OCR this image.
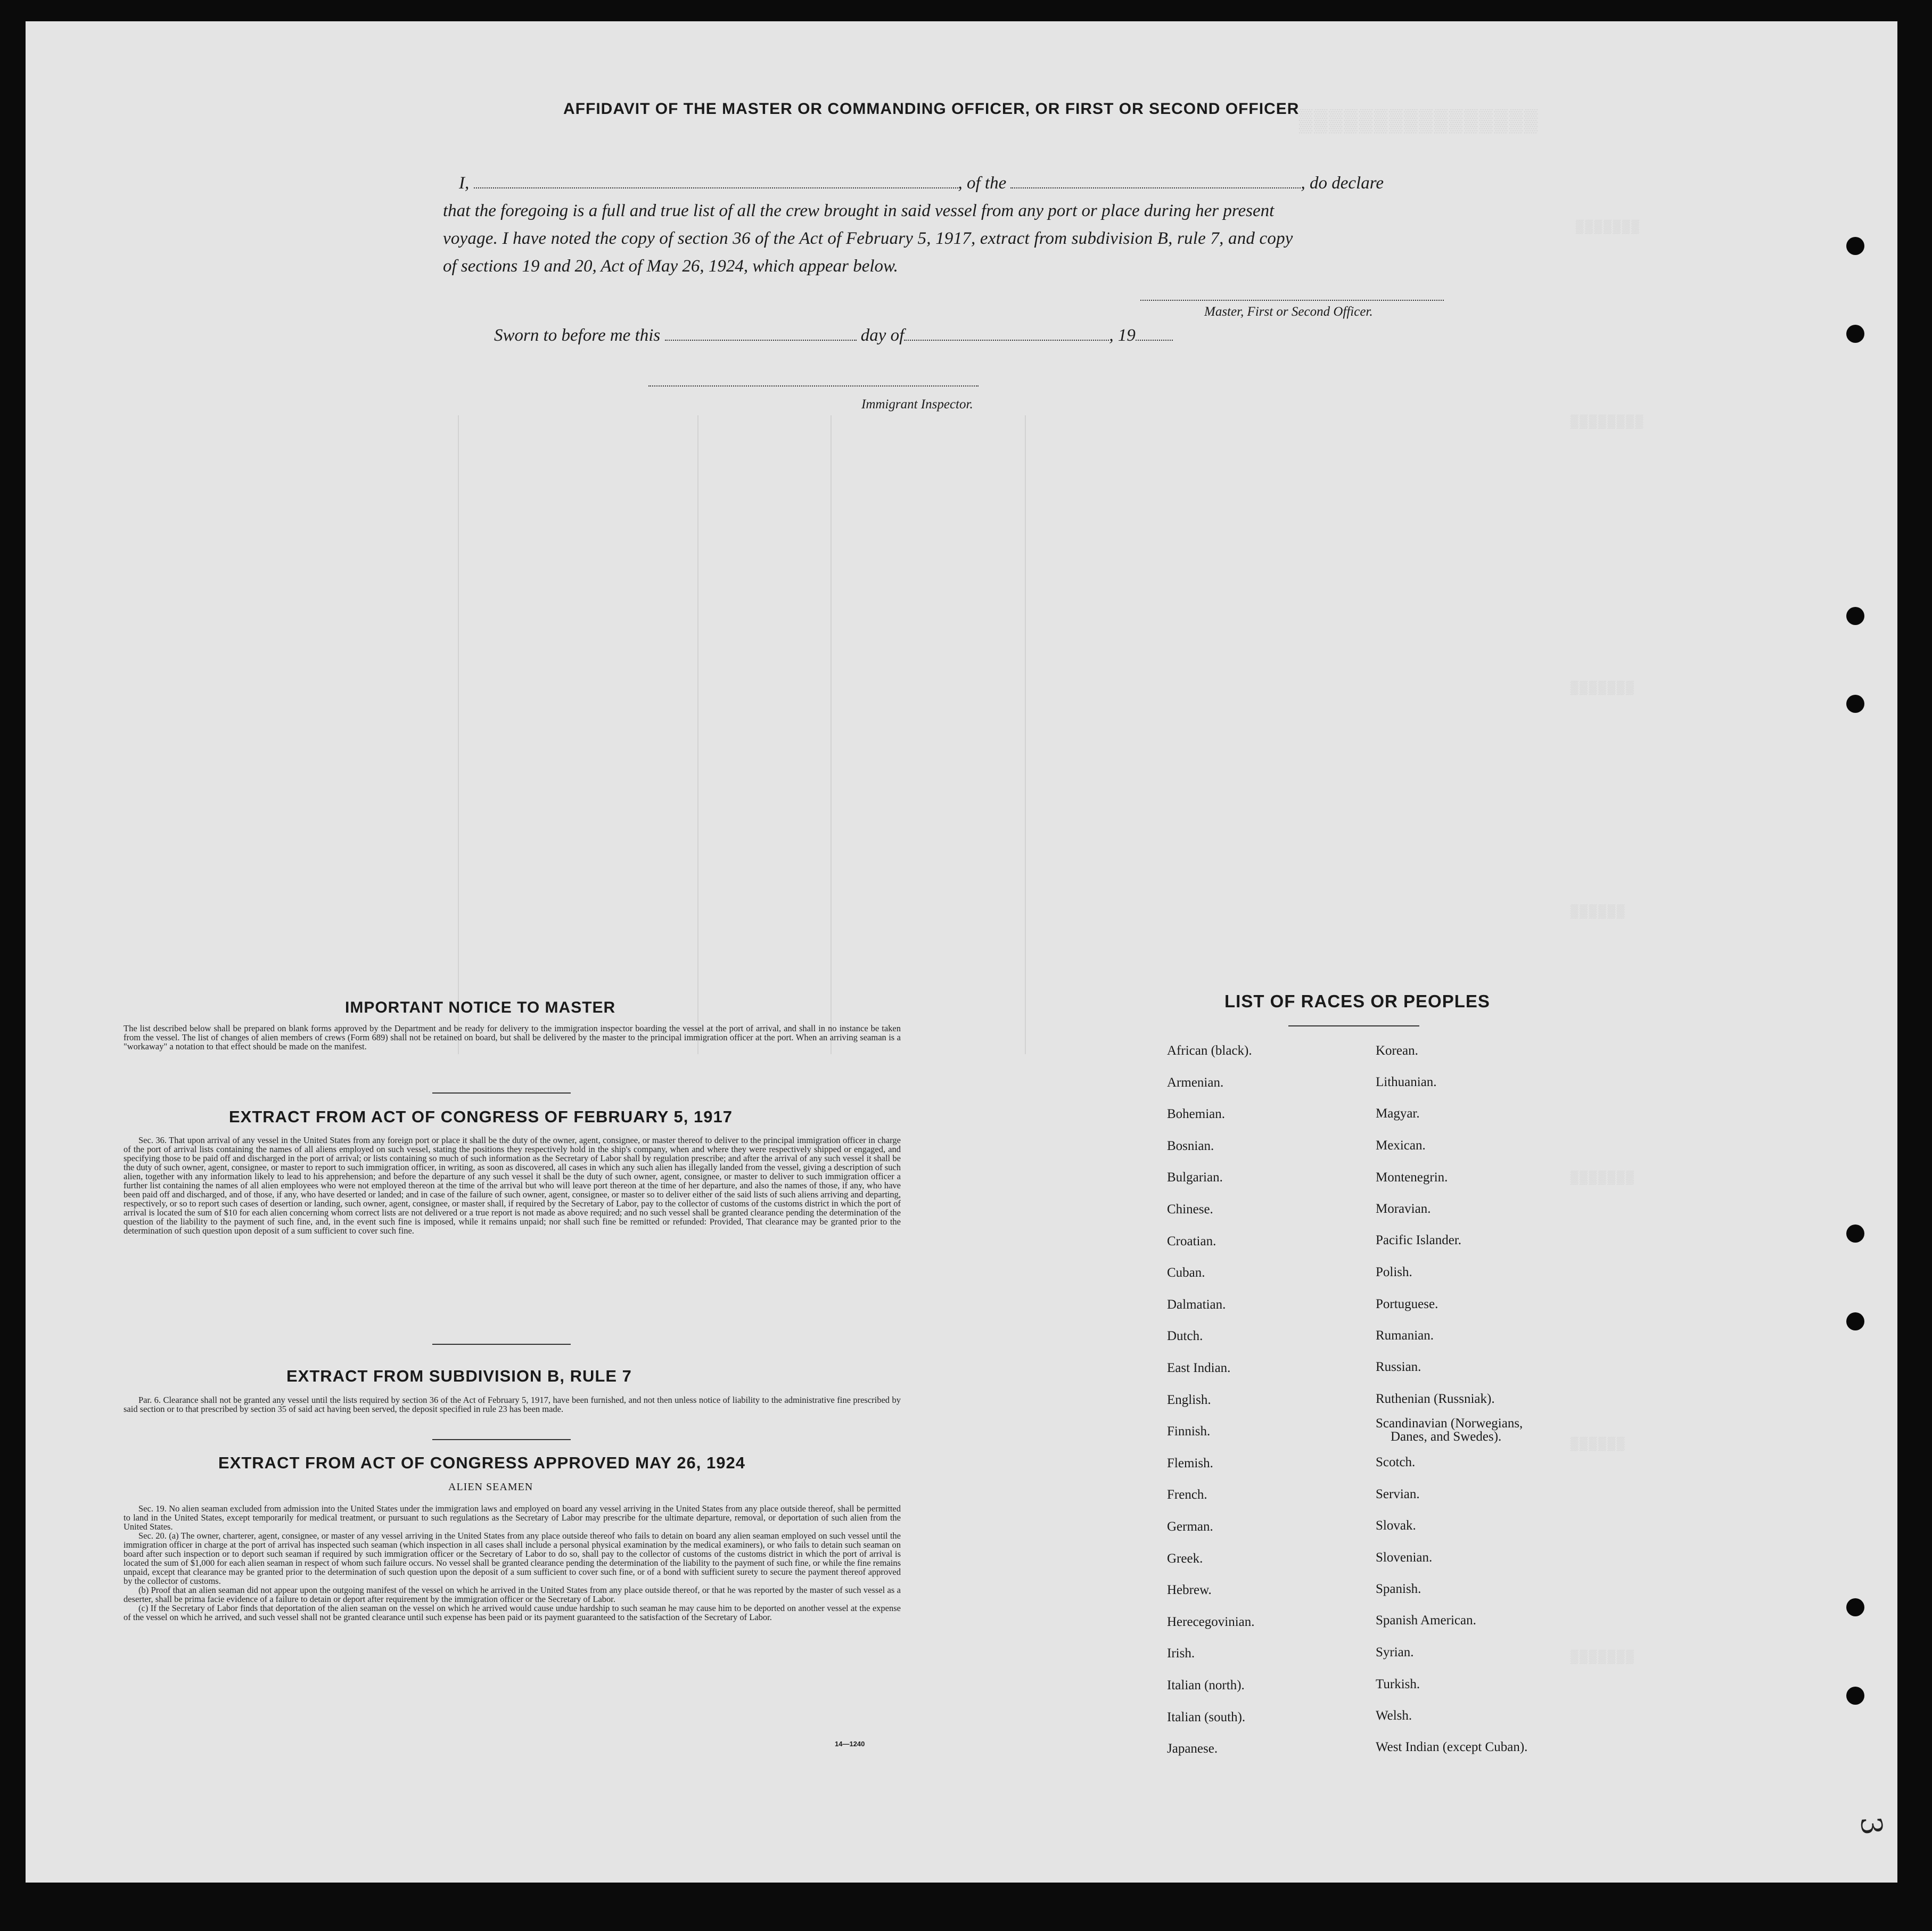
▒▒▒▒▒▒▒▒▒▒▒▒▒▒▒▒
▒▒▒▒▒▒▒
▒▒▒▒▒▒▒▒
▒▒▒▒▒▒▒
▒▒▒▒▒▒
▒▒▒▒▒▒▒
▒▒▒▒▒▒
▒▒▒▒▒▒▒
AFFIDAVIT OF THE MASTER OR COMMANDING OFFICER, OR FIRST OR SECOND OFFICER
I,	, of the	, do declare
that the foregoing is a full and true list of all the crew brought in said vessel from any port or place during her present
voyage. I have noted the copy of section 36 of the Act of February 5, 1917, extract from subdivision B, rule 7, and copy
of sections 19 and 20, Act of May 26, 1924, which appear below.
Master, First or Second Officer.
Sworn to before me this	day of	, 19
Immigrant Inspector.
IMPORTANT NOTICE TO MASTER
The list described below shall be prepared on blank forms approved by the Department and be ready for delivery to the immigration inspector boarding the vessel at the port of arrival, and shall in no instance be taken from the vessel. The list of changes of alien members of crews (Form 689) shall not be retained on board, but shall be delivered by the master to the principal immigration officer at the port. When an arriving seaman is a "workaway" a notation to that effect should be made on the manifest.
EXTRACT FROM ACT OF CONGRESS OF FEBRUARY 5, 1917
Sec. 36. That upon arrival of any vessel in the United States from any foreign port or place it shall be the duty of the owner, agent, consignee, or master thereof to deliver to the principal immigration officer in charge of the port of arrival lists containing the names of all aliens employed on such vessel, stating the positions they respectively hold in the ship's company, when and where they were respectively shipped or engaged, and specifying those to be paid off and discharged in the port of arrival; or lists containing so much of such information as the Secretary of Labor shall by regulation prescribe; and after the arrival of any such vessel it shall be the duty of such owner, agent, consignee, or master to report to such immigration officer, in writing, as soon as discovered, all cases in which any such alien has illegally landed from the vessel, giving a description of such alien, together with any information likely to lead to his apprehension; and before the departure of any such vessel it shall be the duty of such owner, agent, consignee, or master to deliver to such immigration officer a further list containing the names of all alien employees who were not employed thereon at the time of the arrival but who will leave port thereon at the time of her departure, and also the names of those, if any, who have been paid off and discharged, and of those, if any, who have deserted or landed; and in case of the failure of such owner, agent, consignee, or master so to deliver either of the said lists of such aliens arriving and departing, respectively, or so to report such cases of desertion or landing, such owner, agent, consignee, or master shall, if required by the Secretary of Labor, pay to the collector of customs of the customs district in which the port of arrival is located the sum of $10 for each alien concerning whom correct lists are not delivered or a true report is not made as above required; and no such vessel shall be granted clearance pending the determination of the question of the liability to the payment of such fine, and, in the event such fine is imposed, while it remains unpaid; nor shall such fine be remitted or refunded: Provided, That clearance may be granted prior to the determination of such question upon deposit of a sum sufficient to cover such fine.
EXTRACT FROM SUBDIVISION B, RULE 7
Par. 6. Clearance shall not be granted any vessel until the lists required by section 36 of the Act of February 5, 1917, have been furnished, and not then unless notice of liability to the administrative fine prescribed by said section or to that prescribed by section 35 of said act having been served, the deposit specified in rule 23 has been made.
EXTRACT FROM ACT OF CONGRESS APPROVED MAY 26, 1924
ALIEN SEAMEN
Sec. 19. No alien seaman excluded from admission into the United States under the immigration laws and employed on board any vessel arriving in the United States from any place outside thereof, shall be permitted to land in the United States, except temporarily for medical treatment, or pursuant to such regulations as the Secretary of Labor may prescribe for the ultimate departure, removal, or deportation of such alien from the United States.
Sec. 20. (a) The owner, charterer, agent, consignee, or master of any vessel arriving in the United States from any place outside thereof who fails to detain on board any alien seaman employed on such vessel until the immigration officer in charge at the port of arrival has inspected such seaman (which inspection in all cases shall include a personal physical examination by the medical examiners), or who fails to detain such seaman on board after such inspection or to deport such seaman if required by such immigration officer or the Secretary of Labor to do so, shall pay to the collector of customs of the customs district in which the port of arrival is located the sum of $1,000 for each alien seaman in respect of whom such failure occurs. No vessel shall be granted clearance pending the determination of the liability to the payment of such fine, or while the fine remains unpaid, except that clearance may be granted prior to the determination of such question upon the deposit of a sum sufficient to cover such fine, or of a bond with sufficient surety to secure the payment thereof approved by the collector of customs.
(b) Proof that an alien seaman did not appear upon the outgoing manifest of the vessel on which he arrived in the United States from any place outside thereof, or that he was reported by the master of such vessel as a deserter, shall be prima facie evidence of a failure to detain or deport after requirement by the immigration officer or the Secretary of Labor.
(c) If the Secretary of Labor finds that deportation of the alien seaman on the vessel on which he arrived would cause undue hardship to such seaman he may cause him to be deported on another vessel at the expense of the vessel on which he arrived, and such vessel shall not be granted clearance until such expense has been paid or its payment guaranteed to the satisfaction of the Secretary of Labor.
14—1240
LIST OF RACES OR PEOPLES
African (black).
Armenian.
Bohemian.
Bosnian.
Bulgarian.
Chinese.
Croatian.
Cuban.
Dalmatian.
Dutch.
East Indian.
English.
Finnish.
Flemish.
French.
German.
Greek.
Hebrew.
Herecegovinian.
Irish.
Italian (north).
Italian (south).
Japanese.
Korean.
Lithuanian.
Magyar.
Mexican.
Montenegrin.
Moravian.
Pacific Islander.
Polish.
Portuguese.
Rumanian.
Russian.
Ruthenian (Russniak).
Scandinavian (Norwegians,
Danes, and Swedes).
Scotch.
Servian.
Slovak.
Slovenian.
Spanish.
Spanish American.
Syrian.
Turkish.
Welsh.
West Indian (except Cuban).
3
